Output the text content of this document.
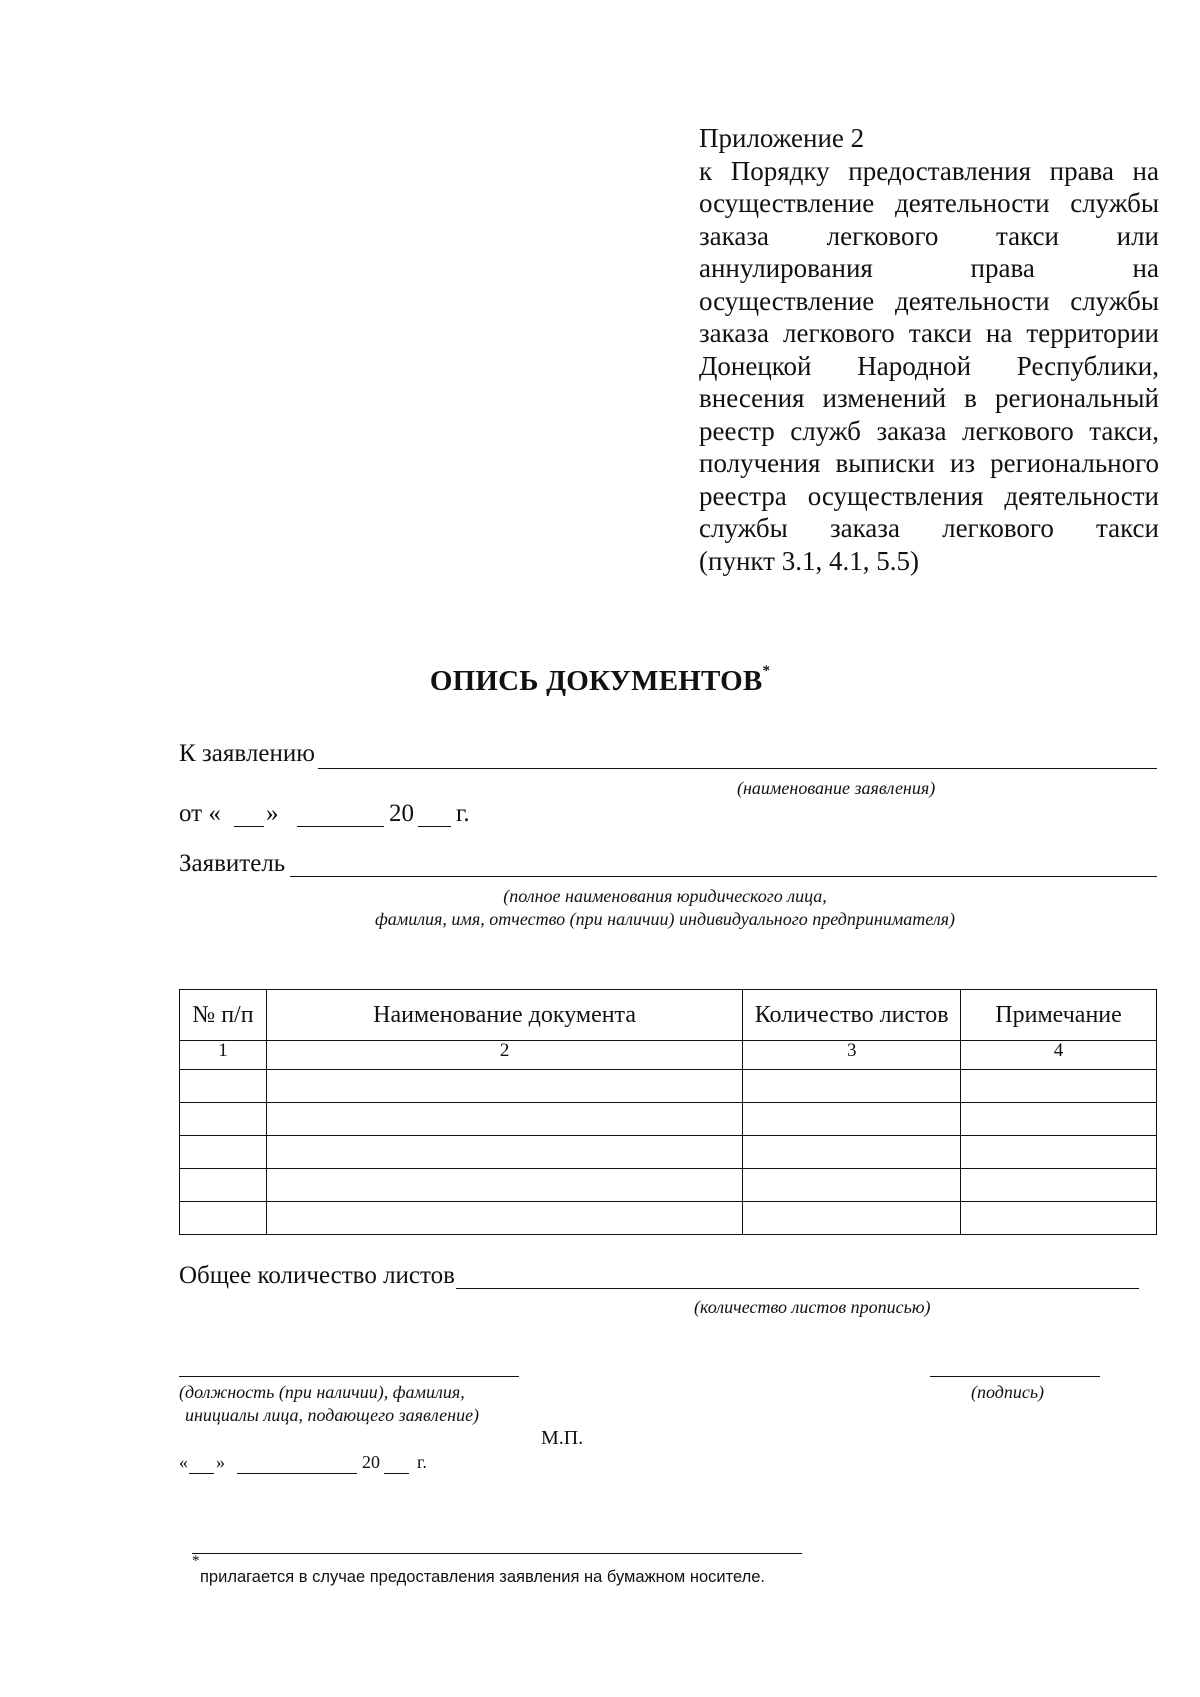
Приложение 2
к Порядку предоставления права на
осуществление деятельности службы
заказа легкового такси или
аннулирования права на
осуществление деятельности службы
заказа легкового такси на территории
Донецкой Народной Республики,
внесения изменений в региональный
реестр служб заказа легкового такси,
получения выписки из регионального
реестра осуществления деятельности
службы заказа легкового такси
(пункт 3.1, 4.1, 5.5)
ОПИСЬ ДОКУМЕНТОВ*
К заявлению
(наименование заявления)
от « »	20 г.
Заявитель
(полное наименования юридического лица,
фамилия, имя, отчество (при наличии) индивидуального предпринимателя)
№ п/п	Наименование документа	Количество листов	Примечание
1	2	3	4

Общее количество листов
(количество листов прописью)
(должность (при наличии), фамилия,
инициалы лица, подающего заявление)
(подпись)
М.П.
« »	20 г.
*
прилагается в случае предоставления заявления на бумажном носителе.
